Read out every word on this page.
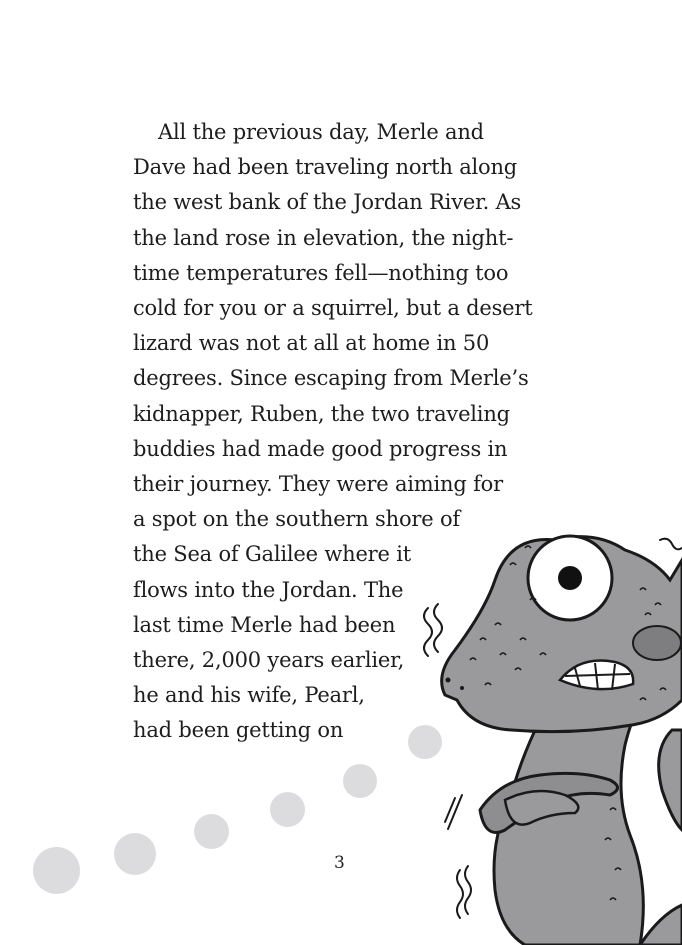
All the previous day, Merle and
Dave had been traveling north along
the west bank of the Jordan River. As
the land rose in elevation, the night-
time temperatures fell—nothing too
cold for you or a squirrel, but a desert
lizard was not at all at home in 50
degrees. Since escaping from Merle’s
kidnapper, Ruben, the two traveling
buddies had made good progress in
their journey. They were aiming for
a spot on the southern shore of
the Sea of Galilee where it
flows into the Jordan. The
last time Merle had been
there, 2,000 years earlier,
he and his wife, Pearl,
had been getting on
3
